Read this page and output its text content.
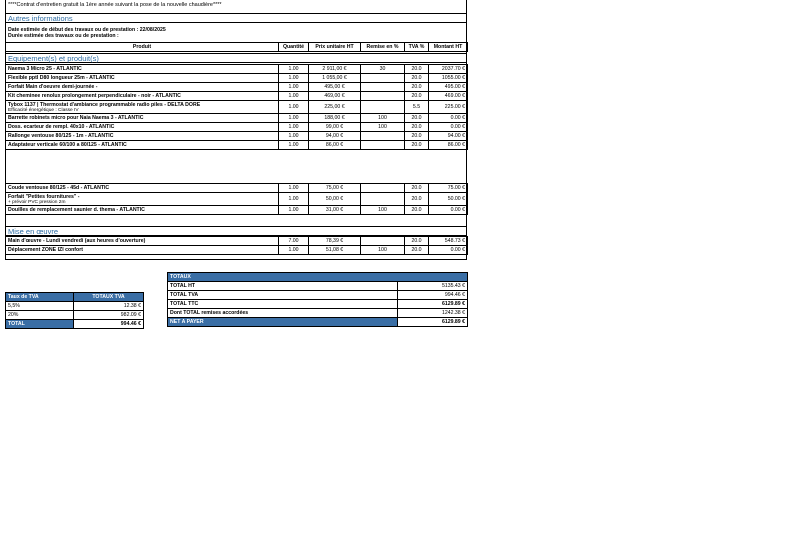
****Contrat d'entretien gratuit la 1ère année suivant la pose de la nouvelle chaudière****
Autres informations
Date estimée de début des travaux ou de prestation : 22/08/2025
Durée estimée des travaux ou de prestation :
Produit	Quantité	Prix unitaire HT	Remise en %	TVA %	Montant HT
Equipement(s) et produit(s)
Naema 3 Micro 25 - ATLANTIC	1.00	2 911,00 €	30	20.0	2037.70 €
Flexible pptl D80 longueur 25m - ATLANTIC	1.00	1 055,00 €		20.0	1055.00 €
Forfait Main d'oeuvre demi-journée -	1.00	495,00 €		20.0	495.00 €
Kit cheminee renolux prolongement perpendiculaire - noir - ATLANTIC	1.00	469,00 €		20.0	469.00 €
Tybox 1137 | Thermostat d'ambiance programmable radio piles - DELTA DORE
Efficacité énergétique : Classe IV	1.00	225,00 €		5.5	225.00 €
Barrette robinets micro pour Naia Naema 3 - ATLANTIC	1.00	188,00 €	100	20.0	0.00 €
Doss. ecarteur de rempl. 40x10 - ATLANTIC	1.00	99,00 €	100	20.0	0.00 €
Rallonge ventouse 80/125 - 1m - ATLANTIC	1.00	94,00 €		20.0	94.00 €
Adaptateur verticale 60/100 a 80/125 - ATLANTIC	1.00	86,00 €		20.0	86.00 €
Coude ventouse 80/125 - 45d - ATLANTIC	1.00	75,00 €		20.0	75.00 €
Forfait "Petites fournitures" -
+ prévoir PVC pression 2m	1.00	50,00 €		20.0	50.00 €
Douilles de remplacement saunier d. thema - ATLANTIC	1.00	31,00 €	100	20.0	0.00 €
Mise en œuvre
Main d'œuvre - Lundi vendredi (aux heures d'ouverture)	7.00	78,39 €		20.0	548.73 €
Déplacement ZONE IZI confort	1.00	51,08 €	100	20.0	0.00 €
TOTAUX	
TOTAL HT	5135.43 €
TOTAL TVA	994.46 €
TOTAL TTC	6129.89 €
Dont TOTAL remises accordées	1242.38 €
NET A PAYER	6129.89 €
Taux de TVA	TOTAUX TVA
5,5%	12.38 €
20%	982.09 €
TOTAL	994.46 €
